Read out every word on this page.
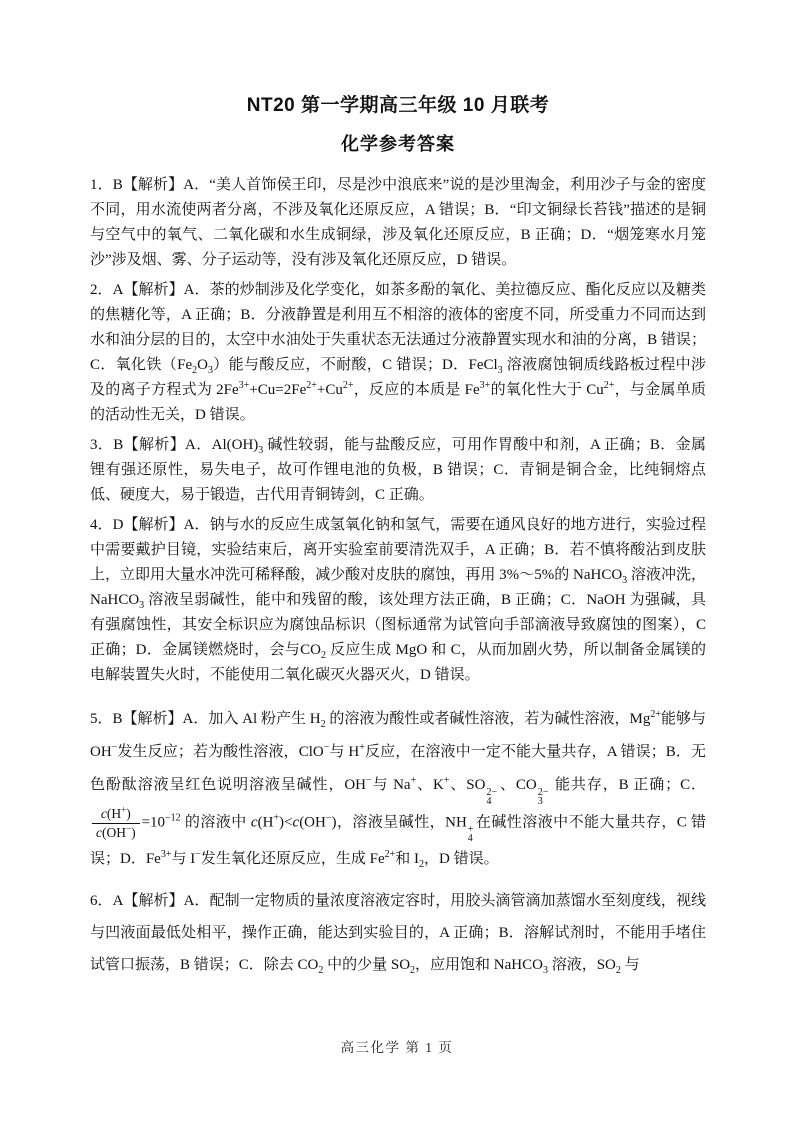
NT20 第一学期高三年级 10 月联考
化学参考答案

1．B【解析】A．“美人首饰侯王印，尽是沙中浪底来”说的是沙里淘金，利用沙子与金的密度不同，用水流使两者分离，不涉及氧化还原反应，A 错误；B．“印文铜绿长苔钱”描述的是铜与空气中的氧气、二氧化碳和水生成铜绿，涉及氧化还原反应，B 正确；D．“烟笼寒水月笼沙”涉及烟、雾、分子运动等，没有涉及氧化还原反应，D 错误。

2．A【解析】A．茶的炒制涉及化学变化，如茶多酚的氧化、美拉德反应、酯化反应以及糖类的焦糖化等，A 正确；B．分液静置是利用互不相溶的液体的密度不同，所受重力不同而达到水和油分层的目的，太空中水油处于失重状态无法通过分液静置实现水和油的分离，B 错误；C．氧化铁$(Fe_2O_3)$能与酸反应，不耐酸，C 错误；D．FeCl$_3$ 溶液腐蚀铜质线路板过程中涉及的离子方程式为 $2Fe^{3+}+Cu=2Fe^{2+}+Cu^{2+}$，反应的本质是 $Fe^{3+}$的氧化性大于 $Cu^{2+}$，与金属单质的活动性无关，D 错误。

3．B【解析】A．$Al(OH)_3$ 碱性较弱，能与盐酸反应，可用作胃酸中和剂，A 正确；B．金属锂有强还原性，易失电子，故可作锂电池的负极，B 错误；C．青铜是铜合金，比纯铜熔点低、硬度大，易于锻造，古代用青铜铸剑，C 正确。

4．D【解析】A．钠与水的反应生成氢氧化钠和氢气，需要在通风良好的地方进行，实验过程中需要戴护目镜，实验结束后，离开实验室前要清洗双手，A 正确；B．若不慎将酸沾到皮肤上，立即用大量水冲洗可稀释酸，减少酸对皮肤的腐蚀，再用 3%～5%的 NaHCO$_3$ 溶液冲洗，NaHCO$_3$ 溶液呈弱碱性，能中和残留的酸，该处理方法正确，B 正确；C．NaOH 为强碱，具有强腐蚀性，其安全标识应为腐蚀品标识（图标通常为试管向手部滴液导致腐蚀的图案），C 正确；D．金属镁燃烧时，会与$CO_2$ 反应生成 MgO 和 C，从而加剧火势，所以制备金属镁的电解装置失火时，不能使用二氧化碳灭火器灭火，D 错误。

5．B【解析】A．加入 Al 粉产生 $H_2$ 的溶液为酸性或者碱性溶液，若为碱性溶液，$Mg^{2+}$能够与 OH−发生反应；若为酸性溶液，ClO−与 H+反应，在溶液中一定不能大量共存，A 错误；B．无色酚酞溶液呈红色说明溶液呈碱性，OH−与 Na+、K+、SO 2−
4
、CO 2−
3
能共存，B 正确；C．
$\frac{c(H^+)}{c(OH^-)} =10^{-12}$ 的溶液中 c(H+)<c(OH−)，溶液呈碱性，NH +
4
在碱性溶液中不能大量共存，C 错误；D．$Fe^{3+}$与 I−发生氧化还原反应，生成 $Fe^{2+}$和 $I_2$，D 错误。

6．A【解析】A．配制一定物质的量浓度溶液定容时，用胶头滴管滴加蒸馏水至刻度线，视线与凹液面最低处相平，操作正确，能达到实验目的，A 正确；B．溶解试剂时，不能用手堵住试管口振荡，B 错误；C．除去 $CO_2$ 中的少量 $SO_2$，应用饱和 NaHCO$_3$ 溶液，$SO_2$ 与

高三化学 第 1 页
